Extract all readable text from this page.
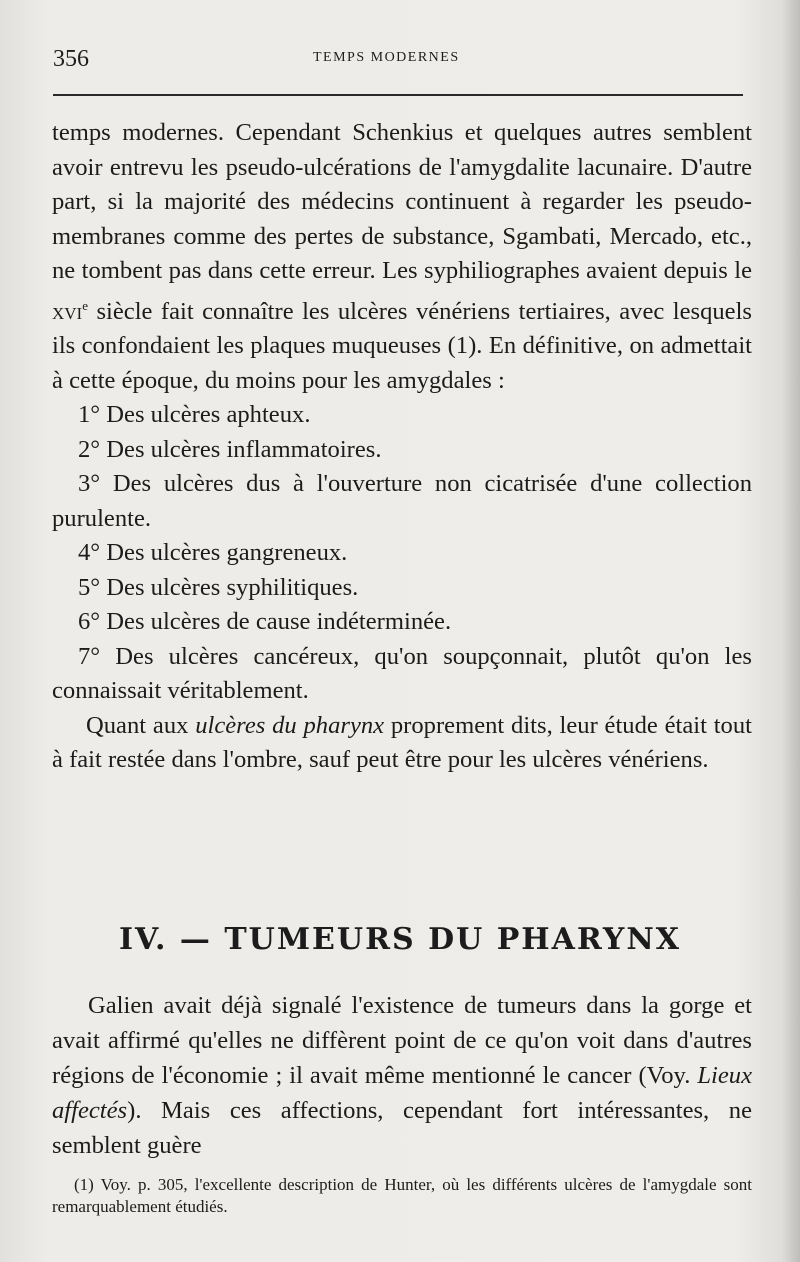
356	TEMPS MODERNES

temps modernes. Cependant Schenkius et quelques autres semblent avoir entrevu les pseudo-ulcérations de l'amygdalite lacunaire. D'autre part, si la majorité des médecins continuent à regarder les pseudo-membranes comme des pertes de substance, Sgambati, Mercado, etc., ne tombent pas dans cette erreur. Les syphiliographes avaient depuis le xvi$^e$ siècle fait connaître les ulcères vénériens tertiaires, avec lesquels ils confondaient les plaques muqueuses (1). En définitive, on admettait à cette époque, du moins pour les amygdales :

1° Des ulcères aphteux.

2° Des ulcères inflammatoires.

3° Des ulcères dus à l'ouverture non cicatrisée d'une collection purulente.

4° Des ulcères gangreneux.

5° Des ulcères syphilitiques.

6° Des ulcères de cause indéterminée.

7° Des ulcères cancéreux, qu'on soupçonnait, plutôt qu'on les connaissait véritablement.

Quant aux ulcères du pharynx proprement dits, leur étude était tout à fait restée dans l'ombre, sauf peut être pour les ulcères vénériens.

IV. — TUMEURS DU PHARYNX

Galien avait déjà signalé l'existence de tumeurs dans la gorge et avait affirmé qu'elles ne diffèrent point de ce qu'on voit dans d'autres régions de l'économie ; il avait même mentionné le cancer (Voy. Lieux affectés). Mais ces affections, cependant fort intéressantes, ne semblent guère

(1) Voy. p. 305, l'excellente description de Hunter, où les différents ulcères de l'amygdale sont remarquablement étudiés.
